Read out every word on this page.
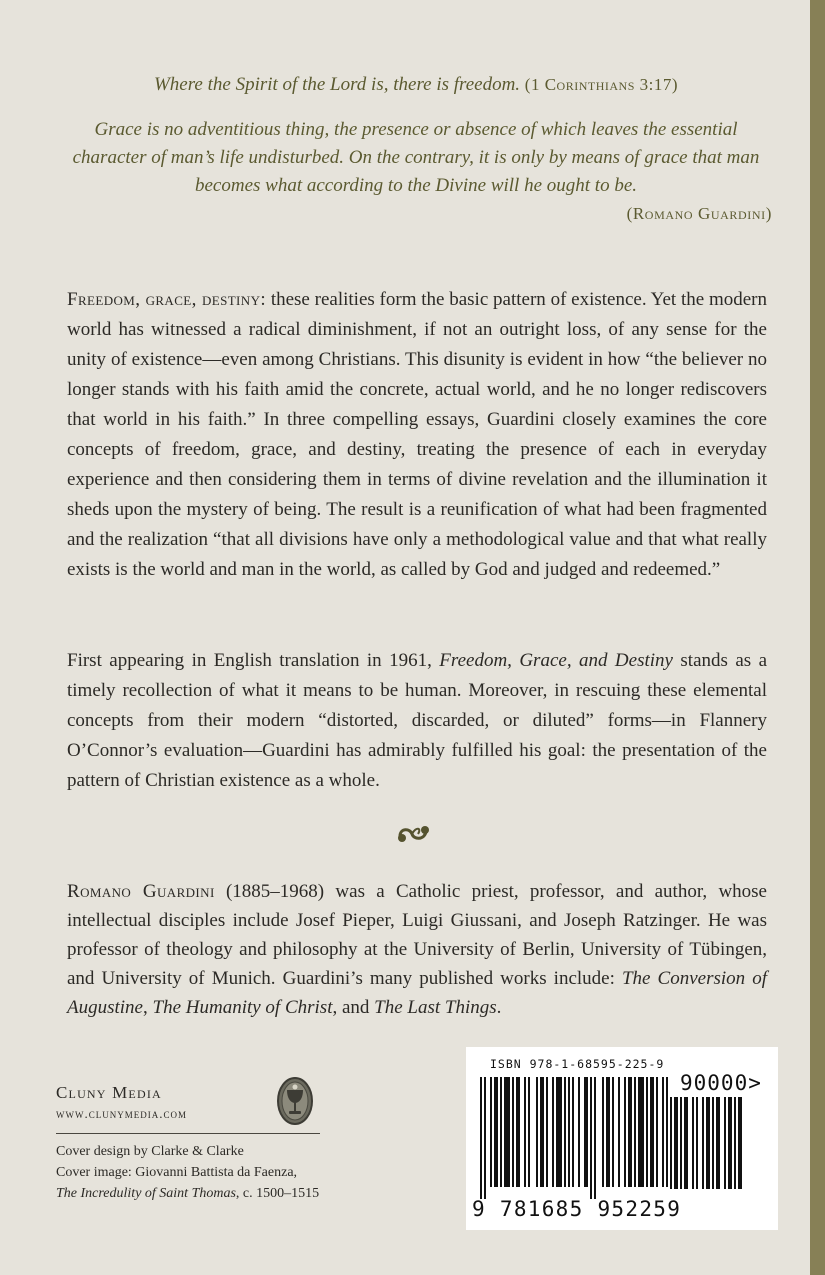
Where the Spirit of the Lord is, there is freedom. (1 Corinthians 3:17)

Grace is no adventitious thing, the presence or absence of which leaves the essential character of man’s life undisturbed. On the contrary, it is only by means of grace that man becomes what according to the Divine will he ought to be.

(Romano Guardini)

Freedom, grace, destiny: these realities form the basic pattern of existence. Yet the modern world has witnessed a radical diminishment, if not an outright loss, of any sense for the unity of existence—even among Christians. This disunity is evident in how “the believer no longer stands with his faith amid the concrete, actual world, and he no longer rediscovers that world in his faith.” In three compelling essays, Guardini closely examines the core concepts of freedom, grace, and destiny, treating the presence of each in everyday experience and then considering them in terms of divine revelation and the illumination it sheds upon the mystery of being. The result is a reunification of what had been fragmented and the realization “that all divisions have only a methodological value and that what really exists is the world and man in the world, as called by God and judged and redeemed.”
First appearing in English translation in 1961, Freedom, Grace, and Destiny stands as a timely recollection of what it means to be human. Moreover, in rescuing these elemental concepts from their modern “distorted, discarded, or diluted” forms—in Flannery O’Connor’s evaluation—Guardini has admirably fulfilled his goal: the presentation of the pattern of Christian existence as a whole.
Romano Guardini (1885–1968) was a Catholic priest, professor, and author, whose intellectual disciples include Josef Pieper, Luigi Giussani, and Joseph Ratzinger. He was professor of theology and philosophy at the University of Berlin, University of Tübingen, and University of Munich. Guardini’s many published works include: The Conversion of Augustine, The Humanity of Christ, and The Last Things.

Cluny Media

www.clunymedia.com

Cover design by Clarke & Clarke

Cover image: Giovanni Battista da Faenza,

The Incredulity of Saint Thomas, c. 1500–1515

ISBN 978-1-68595-225-9
90000>
9 781685 952259
